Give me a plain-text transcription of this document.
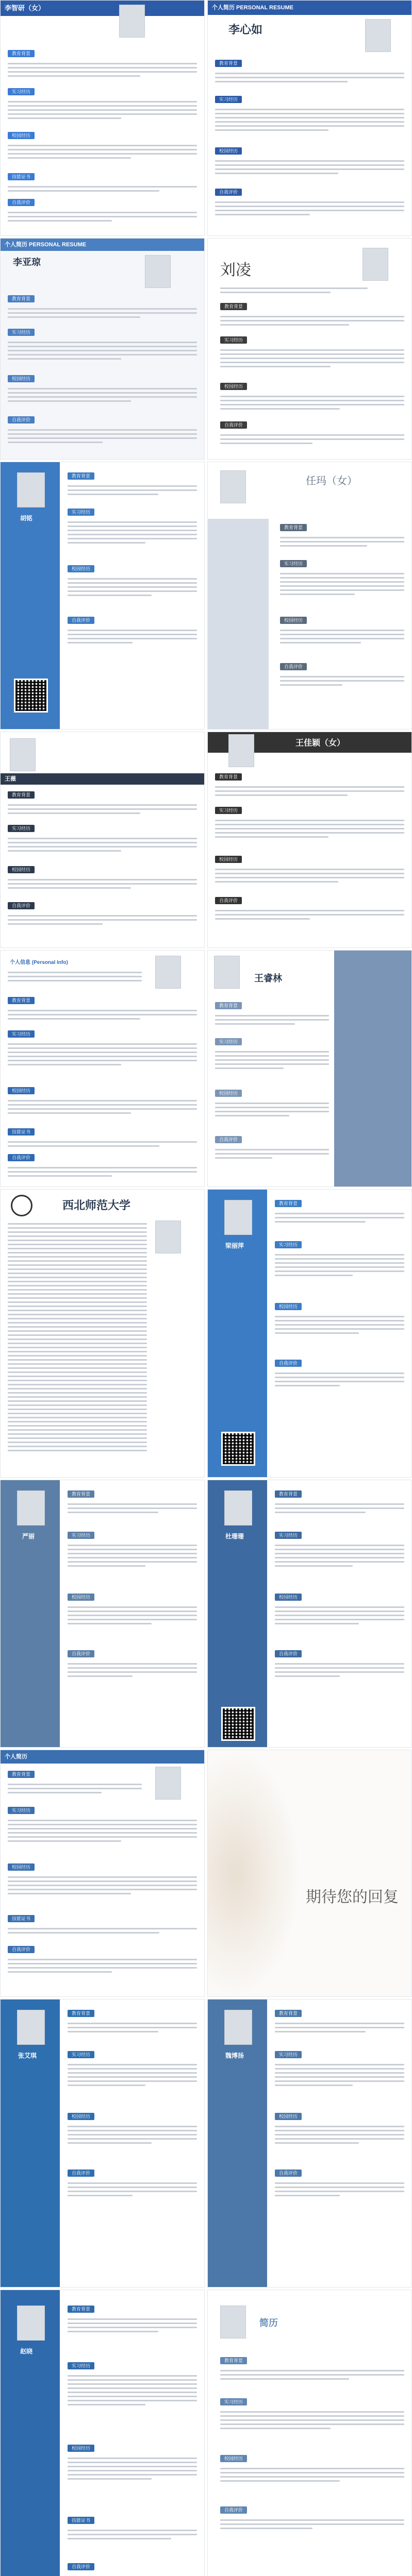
李智研（女）
教育背景
实习经历
校园经历
技能证书
自我评价
个人简历 PERSONAL RESUME
李心如
教育背景
实习经历
校园经历
自我评价
个人简历 PERSONAL RESUME
李亚琼
教育背景
实习经历
校园经历
自我评价
刘凌
教育背景
实习经历
校园经历
自我评价
胡铭
教育背景
实习经历
校园经历
自我评价
任玛（女）
教育背景
实习经历
校园经历
自我评价
王薇
教育背景
实习经历
校园经历
自我评价
王佳颖（女）
教育背景
实习经历
校园经历
自我评价
个人信息 (Personal Info)
教育背景
实习经历
校园经历
技能证书
自我评价
王睿林
教育背景
实习经历
校园经历
自我评价
西北师范大学
梁丽萍
教育背景
实习经历
校园经历
自我评价
严丽
教育背景
实习经历
校园经历
自我评价
杜珊珊
教育背景
实习经历
校园经历
自我评价
个人简历
教育背景
实习经历
校园经历
技能证书
自我评价
期待您的回复
张艾琪
教育背景
实习经历
校园经历
自我评价
魏博扬
教育背景
实习经历
校园经历
自我评价
赵晓
教育背景
实习经历
校园经历
技能证书
自我评价
简历
教育背景
实习经历
校园经历
自我评价
